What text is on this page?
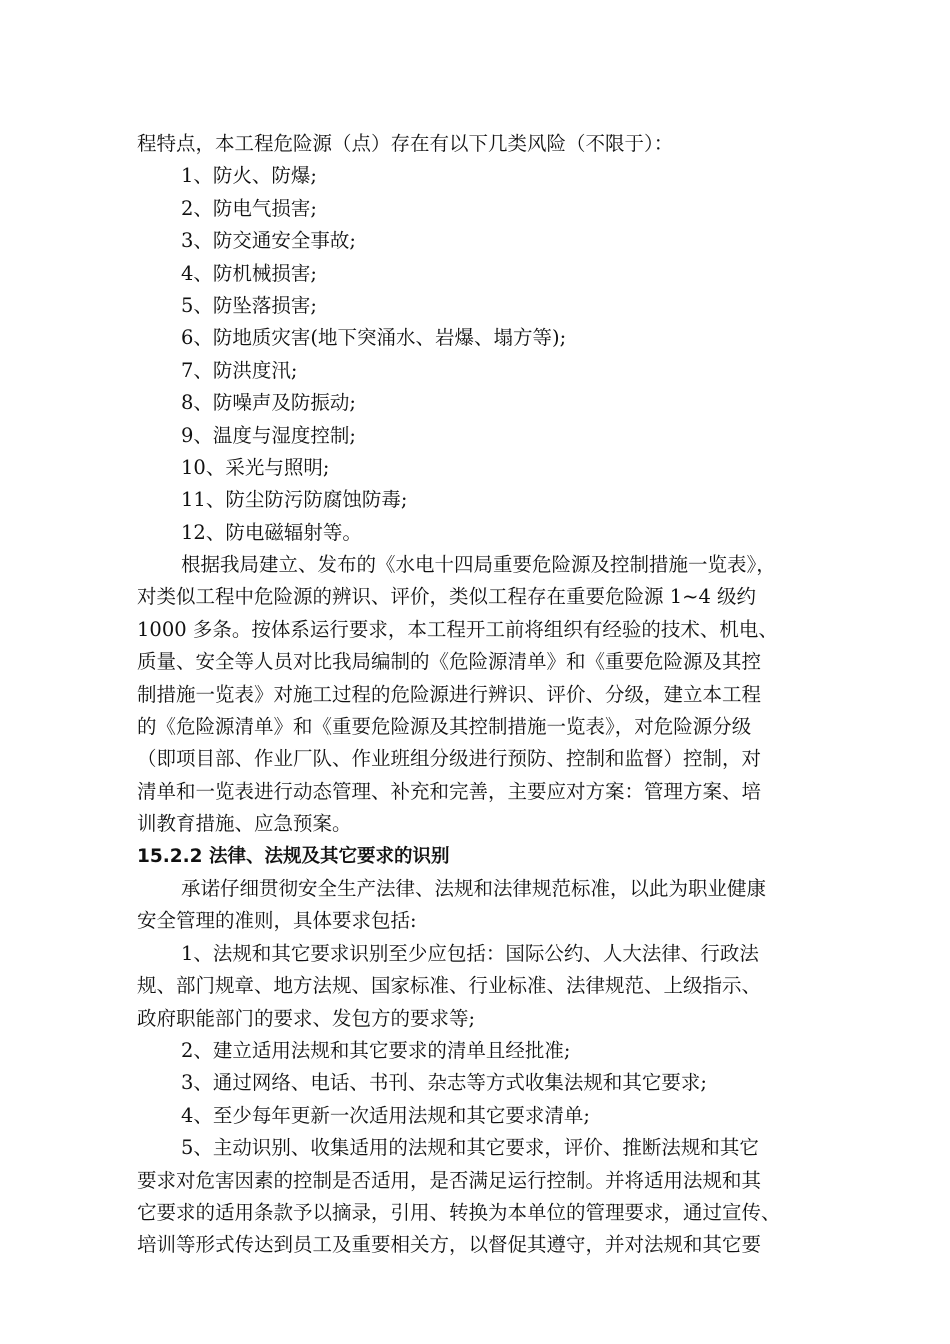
程特点，本工程危险源（点）存在有以下几类风险（不限于）：
1、防火、防爆;
2、防电气损害;
3、防交通安全事故;
4、防机械损害;
5、防坠落损害;
6、防地质灾害(地下突涌水、岩爆、塌方等);
7、防洪度汛;
8、防噪声及防振动;
9、温度与湿度控制;
10、采光与照明;
11、防尘防污防腐蚀防毒;
12、防电磁辐射等。
根据我局建立、发布的《水电十四局重要危险源及控制措施一览表》，
对类似工程中危险源的辨识、评价，类似工程存在重要危险源 1~4 级约
1000 多条。按体系运行要求，本工程开工前将组织有经验的技术、机电、
质量、安全等人员对比我局编制的《危险源清单》和《重要危险源及其控
制措施一览表》对施工过程的危险源进行辨识、评价、分级，建立本工程
的《危险源清单》和《重要危险源及其控制措施一览表》，对危险源分级
（即项目部、作业厂队、作业班组分级进行预防、控制和监督）控制，对
清单和一览表进行动态管理、补充和完善，主要应对方案：管理方案、培
训教育措施、应急预案。
15.2.2 法律、法规及其它要求的识别
承诺仔细贯彻安全生产法律、法规和法律规范标准，以此为职业健康
安全管理的准则，具体要求包括:
1、法规和其它要求识别至少应包括：国际公约、人大法律、行政法
规、部门规章、地方法规、国家标准、行业标准、法律规范、上级指示、
政府职能部门的要求、发包方的要求等;
2、建立适用法规和其它要求的清单且经批准;
3、通过网络、电话、书刊、杂志等方式收集法规和其它要求;
4、至少每年更新一次适用法规和其它要求清单;
5、主动识别、收集适用的法规和其它要求，评价、推断法规和其它
要求对危害因素的控制是否适用，是否满足运行控制。并将适用法规和其
它要求的适用条款予以摘录，引用、转换为本单位的管理要求，通过宣传、
培训等形式传达到员工及重要相关方，以督促其遵守，并对法规和其它要
